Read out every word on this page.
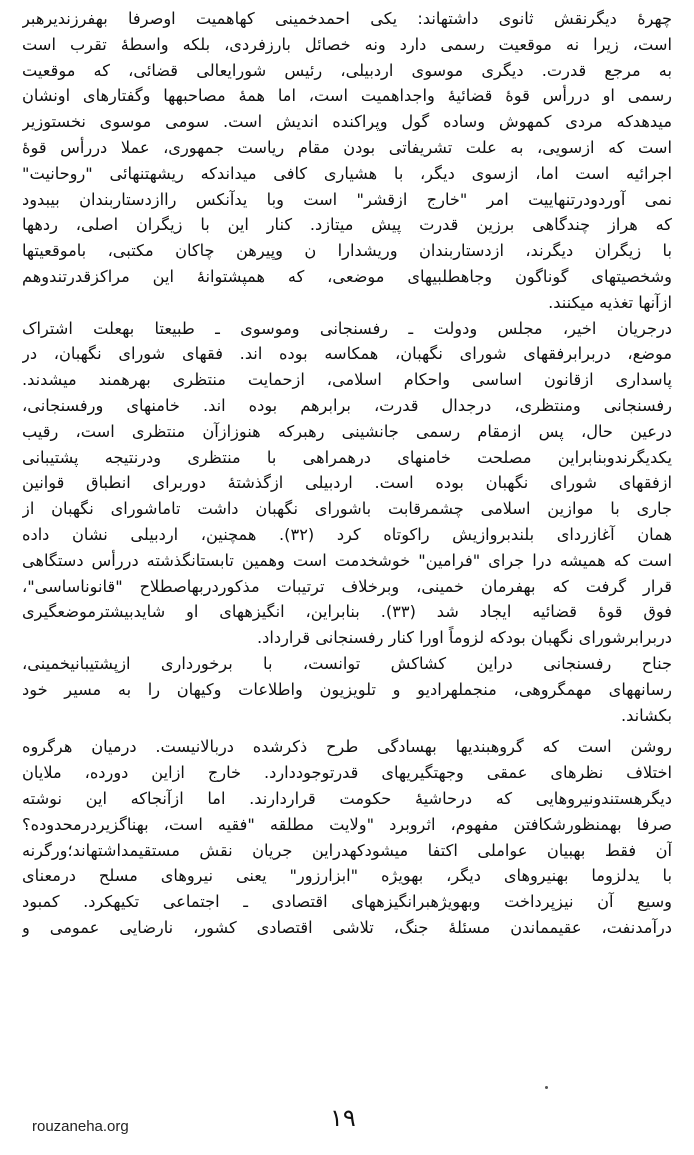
چهرهٔ دیگرنقش ثانوی داشتهاند: یکی احمدخمینی کهاهمیت اوصرفا بهفرزندیرهبر
است، زیرا نه موقعیت رسمی دارد ونه خصائل بارزفردی، بلکه واسطهٔ تقرب است
به مرجع قدرت. دیگری موسوی اردبیلی، رئیس شورایعالی قضائی، که موقعیت
رسمی او دررأس قوهٔ قضائیهٔ واجداهمیت است، اما همهٔ مصاحبهها وگفتارهای اونشان
میدهدکه مردی کمهوش وساده گول وپراکنده اندیش است. سومی موسوی نخستوزیر
است که ازسویی، به علت تشریفاتی بودن مقام ریاست جمهوری، عملا دررأس قوهٔ
اجرائیه است اما، ازسوی دیگر، با هشیاری کافی میداندکه ریشهتنهائی "روحانیت"
نمی آوردودرتنهاییت امر "خارج ازقشر" است وبا یدآنکس راازدستاربندان بیبدود
که هراز چندگاهی برزین قدرت پیش میتازد. کنار این با زیگران اصلی، ردهها
با زیگران دیگرند، ازدستاربندان وریشدارا ن وپیرهن چاکان مکتبی، باموقعیتها
وشخصیتهای گوناگون وجاهطلبیهای موضعی، که همپشتوانهٔ این مراکزقدرتندوهم
ازآنها تغذیه میکنند.
درجریان اخیر، مجلس ودولت ـ رفسنجانی وموسوی ـ طبیعتا بهعلت اشتراک
موضع، دربرابرفقهای شورای نگهبان، همکاسه بوده اند. فقهای شورای نگهبان، در
پاسداری ازقانون اساسی واحکام اسلامی، ازحمایت منتظری بهرهمند میشدند.
رفسنجانی ومنتظری، درجدال قدرت، برابرهم بوده اند. خامنهای ورفسنجانی،
درعین حال، پس ازمقام رسمی جانشینی رهبرکه هنوزازآن منتظری است، رقیب
یکدیگرندوبنابراین مصلحت خامنهای درهمراهی با منتظری ودرنتیجه پشتیبانی
ازفقهای شورای نگهبان بوده است. اردبیلی ازگذشتهٔ دوربرای انطباق قوانین
جاری با موازین اسلامی چشمرقابت باشورای نگهبان داشت تاماشورای نگهبان از
همان آغازردای بلندبروازیش راکوتاه کرد (۳۲). همچنین، اردبیلی نشان داده
است که همیشه درا جرای "فرامین" خوشخدمت است وهمین تابستانگذشته دررأس دستگاهی
قرار گرفت که بهفرمان خمینی، وبرخلاف ترتیبات مذکوردربهاصطلاح "قانوناساسی"،
فوق قوهٔ قضائیه ایجاد شد (۳۳). بنابراین، انگیزههای او شایدبیشترموضعگیری
دربرابرشورای نگهبان بودکه لزوماً اورا کنار رفسنجانی قرارداد.
جناح رفسنجانی دراین کشاکش توانست، با برخورداری ازپشتیبانیخمینی،
رسانههای مهمگروهی، منجملهرادیو و تلویزیون واطلاعات وکیهان را به مسیر خود
بکشاند.
روشن است که گروهبندیها بهسادگی طرح ذکرشده دربالانیست. درمیان هرگروه
اختلاف نظرهای عمقی وجهتگیریهای قدرتوجوددارد. خارج ازاین دورده، ملایان
دیگرهستندونیروهایی که درحاشیهٔ حکومت قراردارند. اما ازآنجاکه این نوشته
صرفا بهمنظورشکافتن مفهوم، اثروبرد "ولایت مطلقه "فقیه است، بهناگزیردرمحدوده؟
آن فقط بهبیان عواملی اکتفا میشودکهدراین جریان نقش مستقیمداشتهاند؛ورگرنه
با یدلزوما بهنیروهای دیگر، بهویژه "ابزارزور" یعنی نیروهای مسلح درمعنای
وسیع آن نیزپرداخت وبهویژهبرانگیزههای اقتصادی ـ اجتماعی تکیهکرد. کمبود
درآمدنفت، عقیمماندن مسئلهٔ جنگ، تلاشی اقتصادی کشور، نارضایی عمومی و
rouzaneha.org	۱۹
